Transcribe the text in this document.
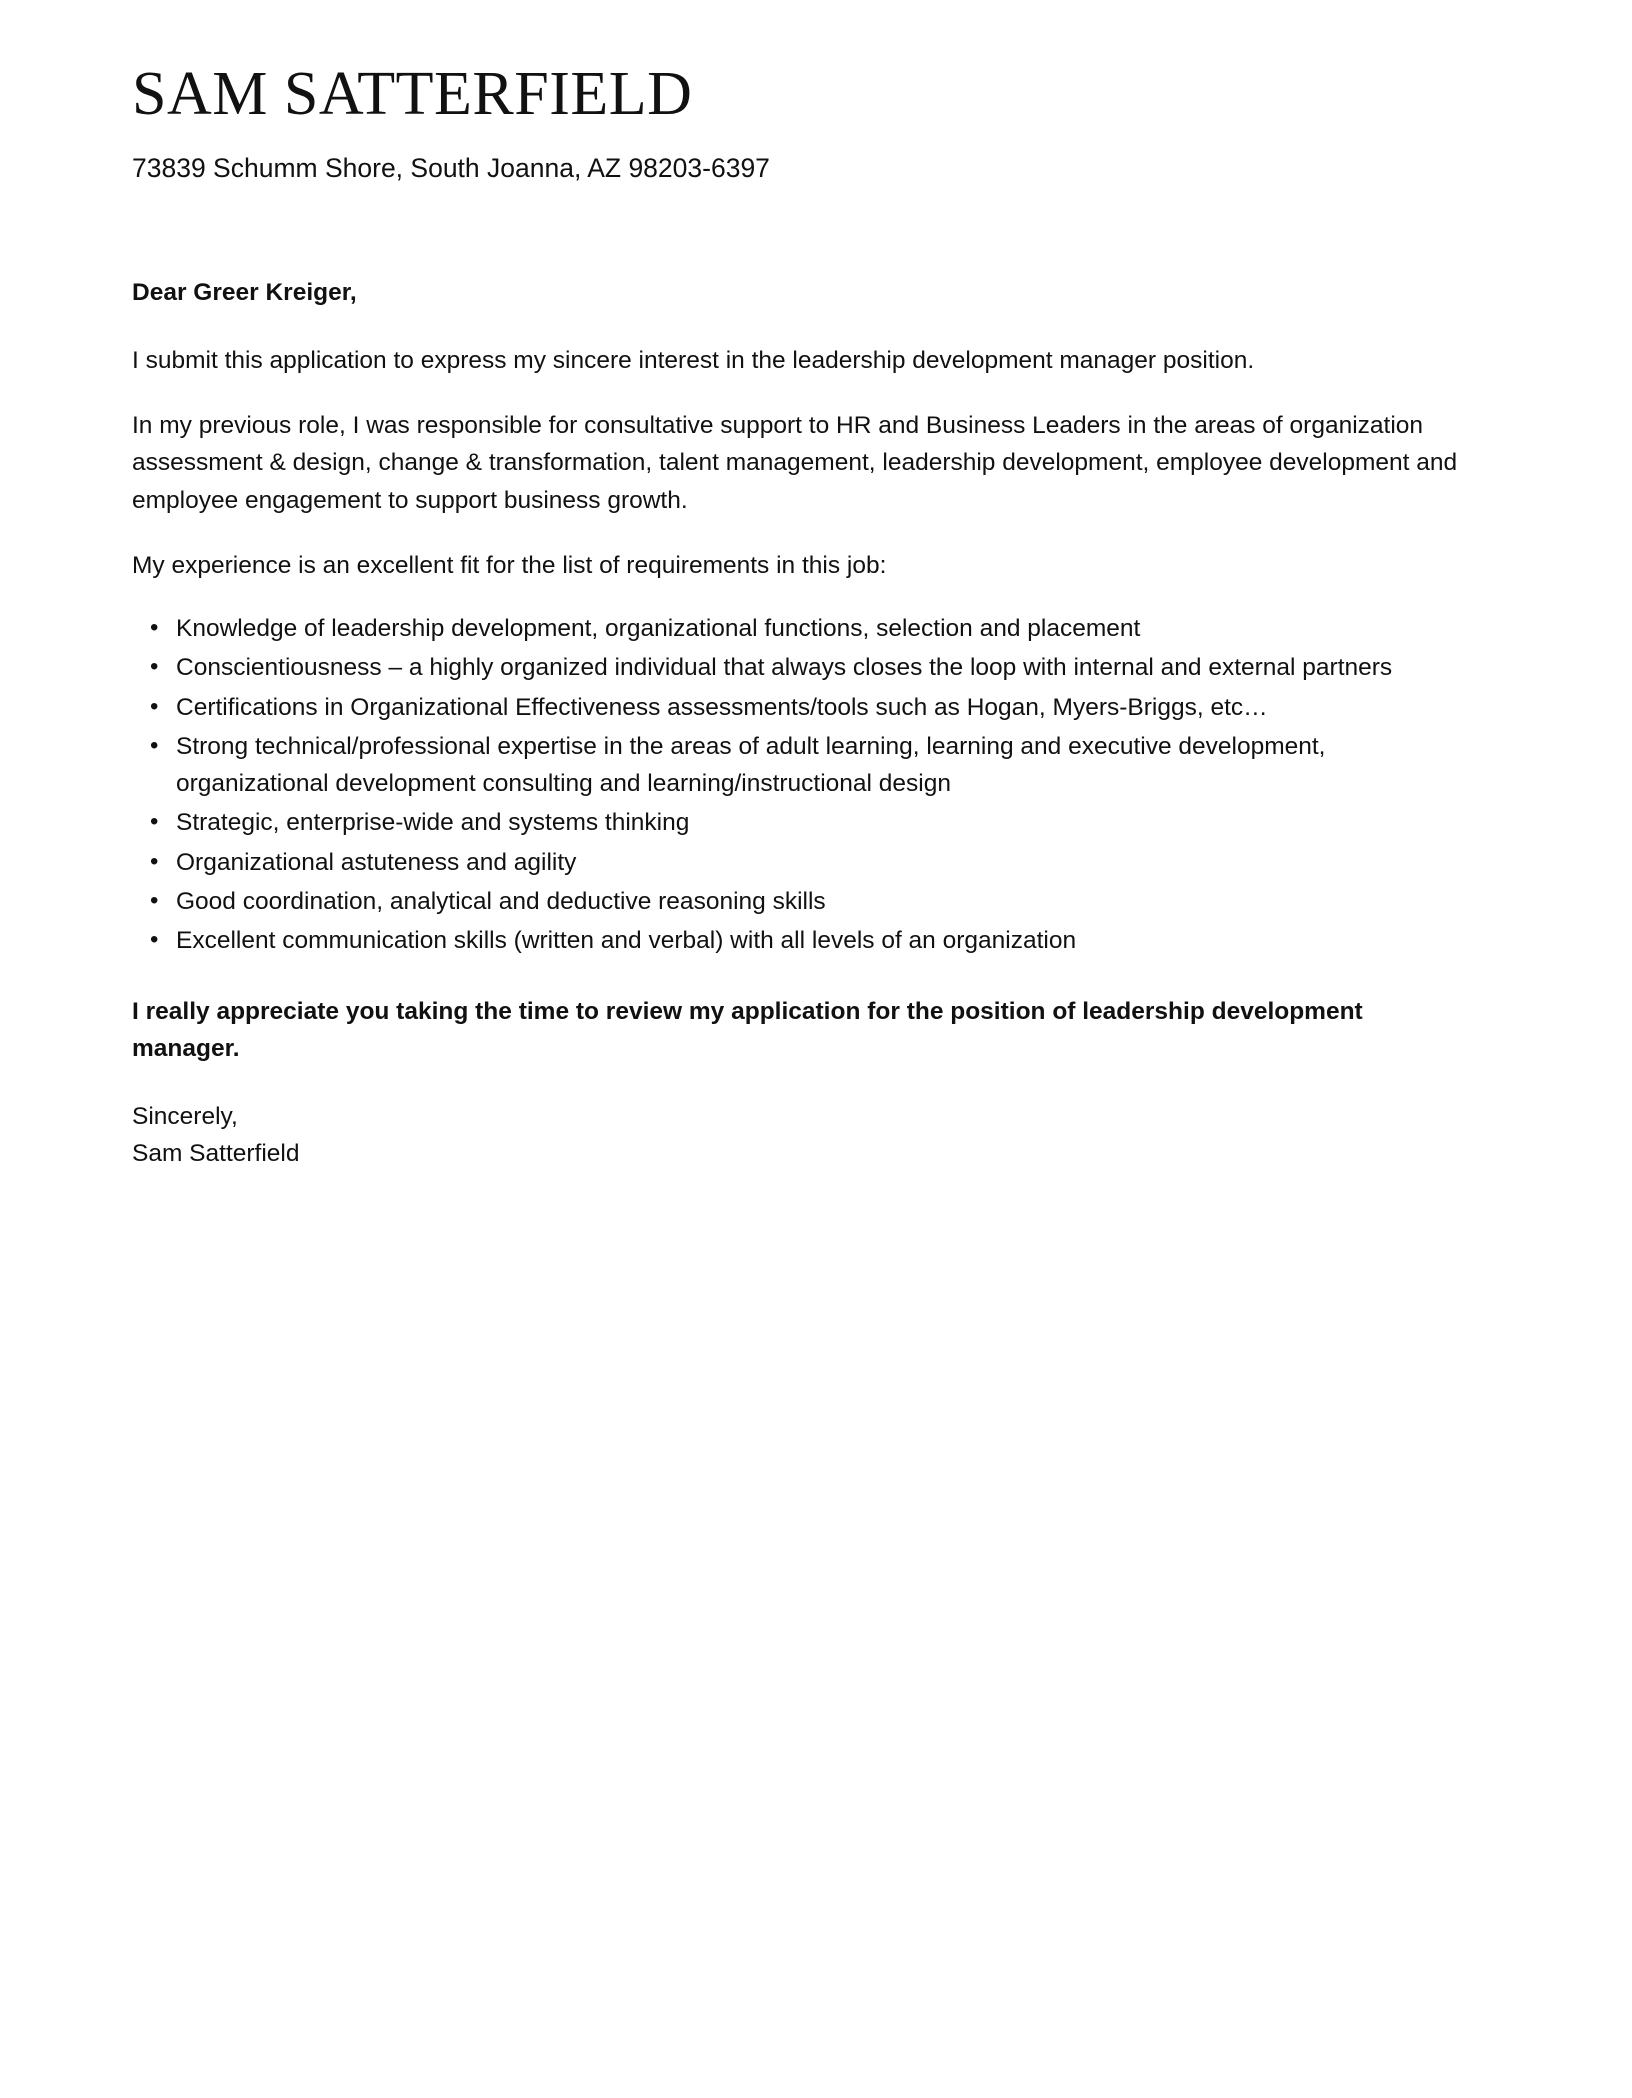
SAM SATTERFIELD
73839 Schumm Shore, South Joanna, AZ 98203-6397

Dear Greer Kreiger,

I submit this application to express my sincere interest in the leadership development manager position.

In my previous role, I was responsible for consultative support to HR and Business Leaders in the areas of organization assessment & design, change & transformation, talent management, leadership development, employee development and employee engagement to support business growth.

My experience is an excellent fit for the list of requirements in this job:

• Knowledge of leadership development, organizational functions, selection and placement
• Conscientiousness – a highly organized individual that always closes the loop with internal and external partners
• Certifications in Organizational Effectiveness assessments/tools such as Hogan, Myers-Briggs, etc…
• Strong technical/professional expertise in the areas of adult learning, learning and executive development, organizational development consulting and learning/instructional design
• Strategic, enterprise-wide and systems thinking
• Organizational astuteness and agility
• Good coordination, analytical and deductive reasoning skills
• Excellent communication skills (written and verbal) with all levels of an organization

I really appreciate you taking the time to review my application for the position of leadership development manager.

Sincerely,
Sam Satterfield
